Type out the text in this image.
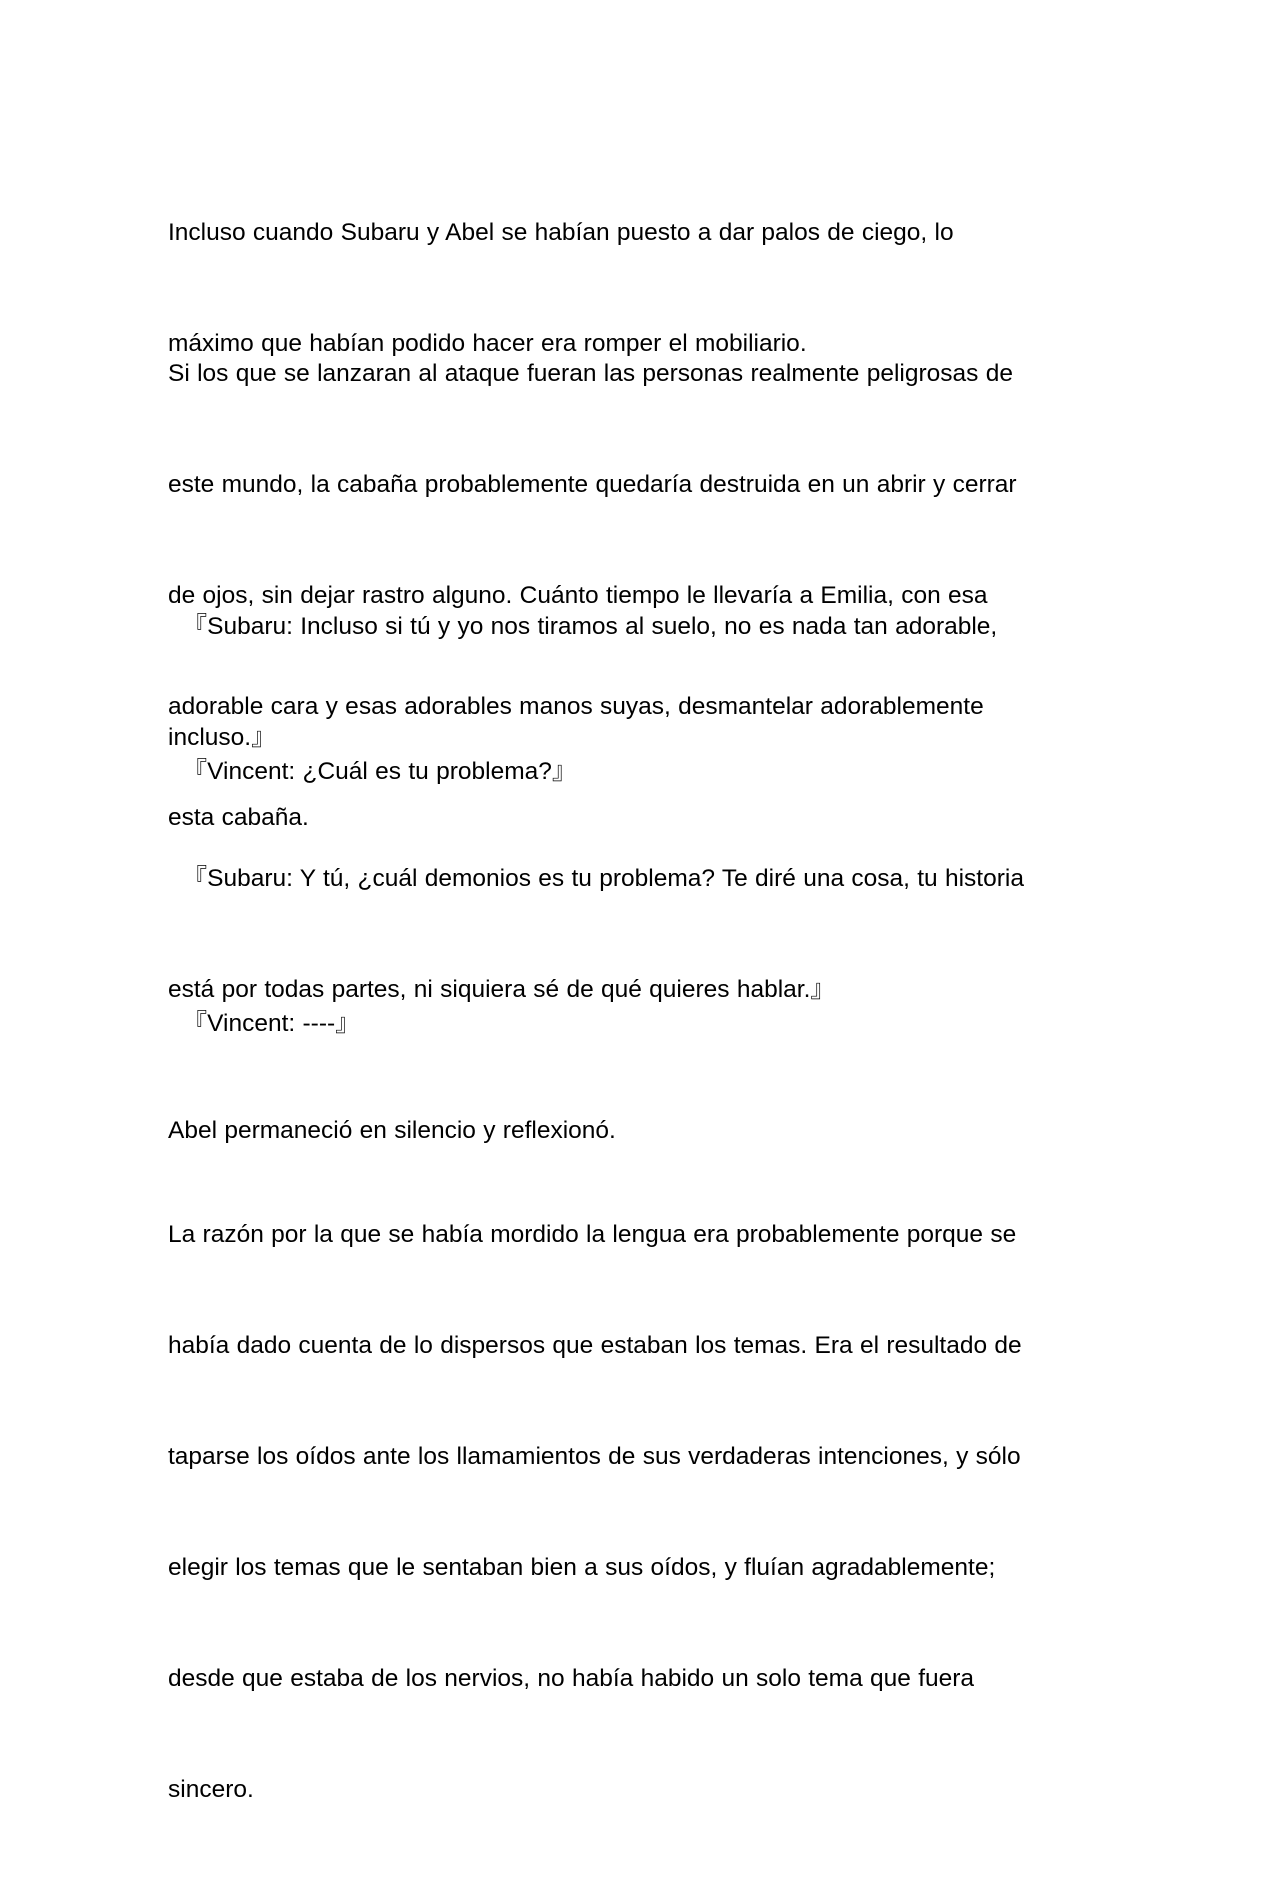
Incluso cuando Subaru y Abel se habían puesto a dar palos de ciego, lo

máximo que habían podido hacer era romper el mobiliario.

Si los que se lanzaran al ataque fueran las personas realmente peligrosas de

este mundo, la cabaña probablemente quedaría destruida en un abrir y cerrar

de ojos, sin dejar rastro alguno. Cuánto tiempo le llevaría a Emilia, con esa

adorable cara y esas adorables manos suyas, desmantelar adorablemente

esta cabaña.

『Subaru: Incluso si tú y yo nos tiramos al suelo, no es nada tan adorable,

incluso.』

『Vincent: ¿Cuál es tu problema?』

『Subaru: Y tú, ¿cuál demonios es tu problema? Te diré una cosa, tu historia

está por todas partes, ni siquiera sé de qué quieres hablar.』

『Vincent: ----』

Abel permaneció en silencio y reflexionó.

La razón por la que se había mordido la lengua era probablemente porque se

había dado cuenta de lo dispersos que estaban los temas. Era el resultado de

taparse los oídos ante los llamamientos de sus verdaderas intenciones, y sólo

elegir los temas que le sentaban bien a sus oídos, y fluían agradablemente;

desde que estaba de los nervios, no había habido un solo tema que fuera

sincero.
